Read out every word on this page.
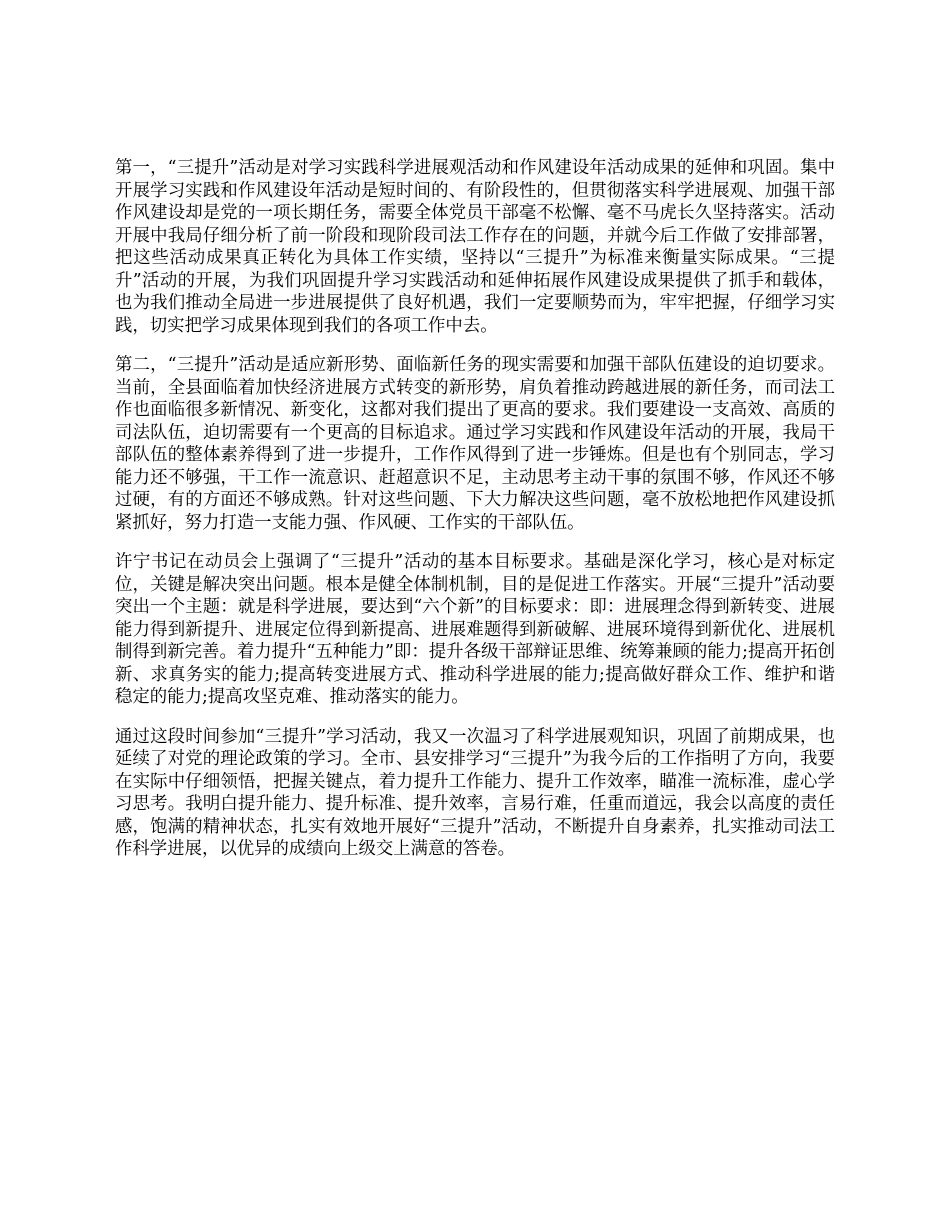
第一，“三提升”活动是对学习实践科学进展观活动和作风建设年活动成果的延伸和巩固。集中开展学习实践和作风建设年活动是短时间的、有阶段性的，但贯彻落实科学进展观、加强干部作风建设却是党的一项长期任务，需要全体党员干部毫不松懈、毫不马虎长久坚持落实。活动开展中我局仔细分析了前一阶段和现阶段司法工作存在的问题，并就今后工作做了安排部署，把这些活动成果真正转化为具体工作实绩，坚持以“三提升”为标准来衡量实际成果。“三提升”活动的开展，为我们巩固提升学习实践活动和延伸拓展作风建设成果提供了抓手和载体，也为我们推动全局进一步进展提供了良好机遇，我们一定要顺势而为，牢牢把握，仔细学习实践，切实把学习成果体现到我们的各项工作中去。

第二，“三提升”活动是适应新形势、面临新任务的现实需要和加强干部队伍建设的迫切要求。当前，全县面临着加快经济进展方式转变的新形势，肩负着推动跨越进展的新任务，而司法工作也面临很多新情况、新变化，这都对我们提出了更高的要求。我们要建设一支高效、高质的司法队伍，迫切需要有一个更高的目标追求。通过学习实践和作风建设年活动的开展，我局干部队伍的整体素养得到了进一步提升，工作作风得到了进一步锤炼。但是也有个别同志，学习能力还不够强，干工作一流意识、赶超意识不足，主动思考主动干事的氛围不够，作风还不够过硬，有的方面还不够成熟。针对这些问题、下大力解决这些问题，毫不放松地把作风建设抓紧抓好，努力打造一支能力强、作风硬、工作实的干部队伍。

许宁书记在动员会上强调了“三提升”活动的基本目标要求。基础是深化学习，核心是对标定位，关键是解决突出问题。根本是健全体制机制，目的是促进工作落实。开展“三提升”活动要突出一个主题：就是科学进展，要达到“六个新”的目标要求：即：进展理念得到新转变、进展能力得到新提升、进展定位得到新提高、进展难题得到新破解、进展环境得到新优化、进展机制得到新完善。着力提升“五种能力”即：提升各级干部辩证思维、统筹兼顾的能力;提高开拓创新、求真务实的能力;提高转变进展方式、推动科学进展的能力;提高做好群众工作、维护和谐稳定的能力;提高攻坚克难、推动落实的能力。

通过这段时间参加“三提升”学习活动，我又一次温习了科学进展观知识，巩固了前期成果，也延续了对党的理论政策的学习。全市、县安排学习“三提升”为我今后的工作指明了方向，我要在实际中仔细领悟，把握关键点，着力提升工作能力、提升工作效率，瞄准一流标准，虚心学习思考。我明白提升能力、提升标准、提升效率，言易行难，任重而道远，我会以高度的责任感，饱满的精神状态，扎实有效地开展好“三提升”活动，不断提升自身素养，扎实推动司法工作科学进展，以优异的成绩向上级交上满意的答卷。
